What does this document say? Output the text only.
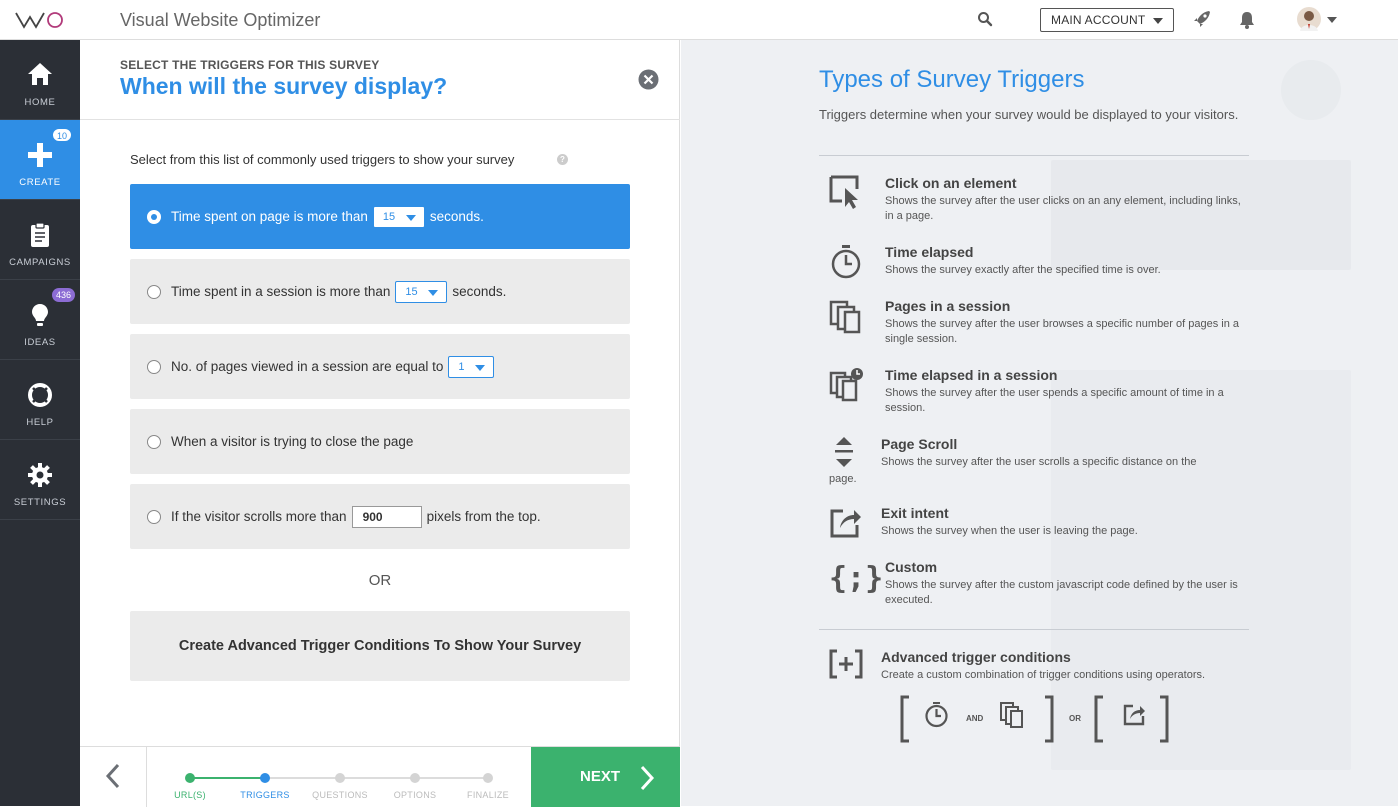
Visual Website Optimizer	MAIN ACCOUNT
HOME
10
CREATE
CAMPAIGNS
436
IDEAS
HELP
SETTINGS
SELECT THE TRIGGERS FOR THIS SURVEY
When will the survey display?
Select from this list of commonly used triggers to show your survey	?
Time spent on page is more than	15	seconds.
Time spent in a session is more than	15	seconds.
No. of pages viewed in a session are equal to	1
When a visitor is trying to close the page
If the visitor scrolls more than
900	pixels from the top.
OR
Create Advanced Trigger Conditions To Show Your Survey
URL(S)	TRIGGERS	QUESTIONS	OPTIONS	FINALIZE
NEXT
Types of Survey Triggers
Triggers determine when your survey would be displayed to your visitors.
Click on an element
Shows the survey after the user clicks on an any element, including links, in a page.
Time elapsed
Shows the survey exactly after the specified time is over.
Pages in a session
Shows the survey after the user browses a specific number of pages in a single session.
Time elapsed in a session
Shows the survey after the user spends a specific amount of time in a session.
Page Scroll
Shows the survey after the user scrolls a specific distance on the
page.
Exit intent
Shows the survey when the user is leaving the page.
{;} Custom
Shows the survey after the custom javascript code defined by the user is executed.
Advanced trigger conditions
Create a custom combination of trigger conditions using operators.
AND	OR
